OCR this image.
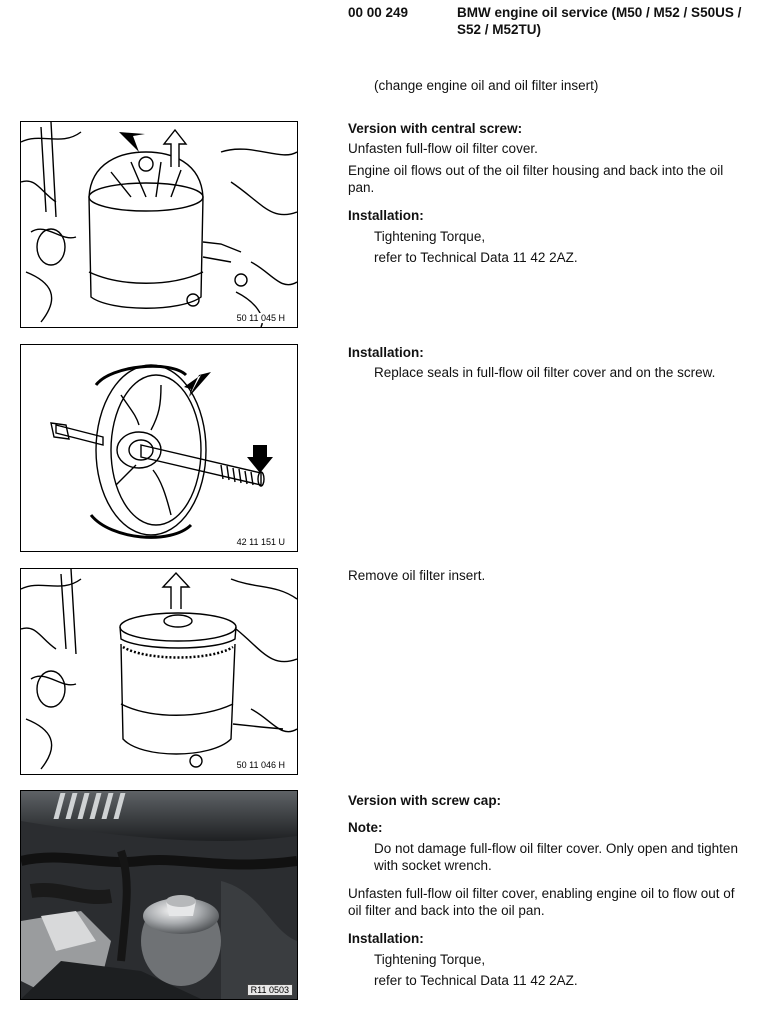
00 00 249	BMW engine oil service (M50 / M52 / S50US / S52 / M52TU)
(change engine oil and oil filter insert)
50 11 045 H
Version with central screw:
Unfasten full-flow oil filter cover.
Engine oil flows out of the oil filter housing and back into the oil pan.
Installation:
Tightening Torque,
refer to Technical Data 11 42 2AZ.
42 11 151 U
Installation:
Replace seals in full-flow oil filter cover and on the screw.
50 11 046 H
Remove oil filter insert.
R11 0503
Version with screw cap:
Note:
Do not damage full-flow oil filter cover. Only open and tighten with socket wrench.
Unfasten full-flow oil filter cover, enabling engine oil to flow out of oil filter and back into the oil pan.
Installation:
Tightening Torque,
refer to Technical Data 11 42 2AZ.
